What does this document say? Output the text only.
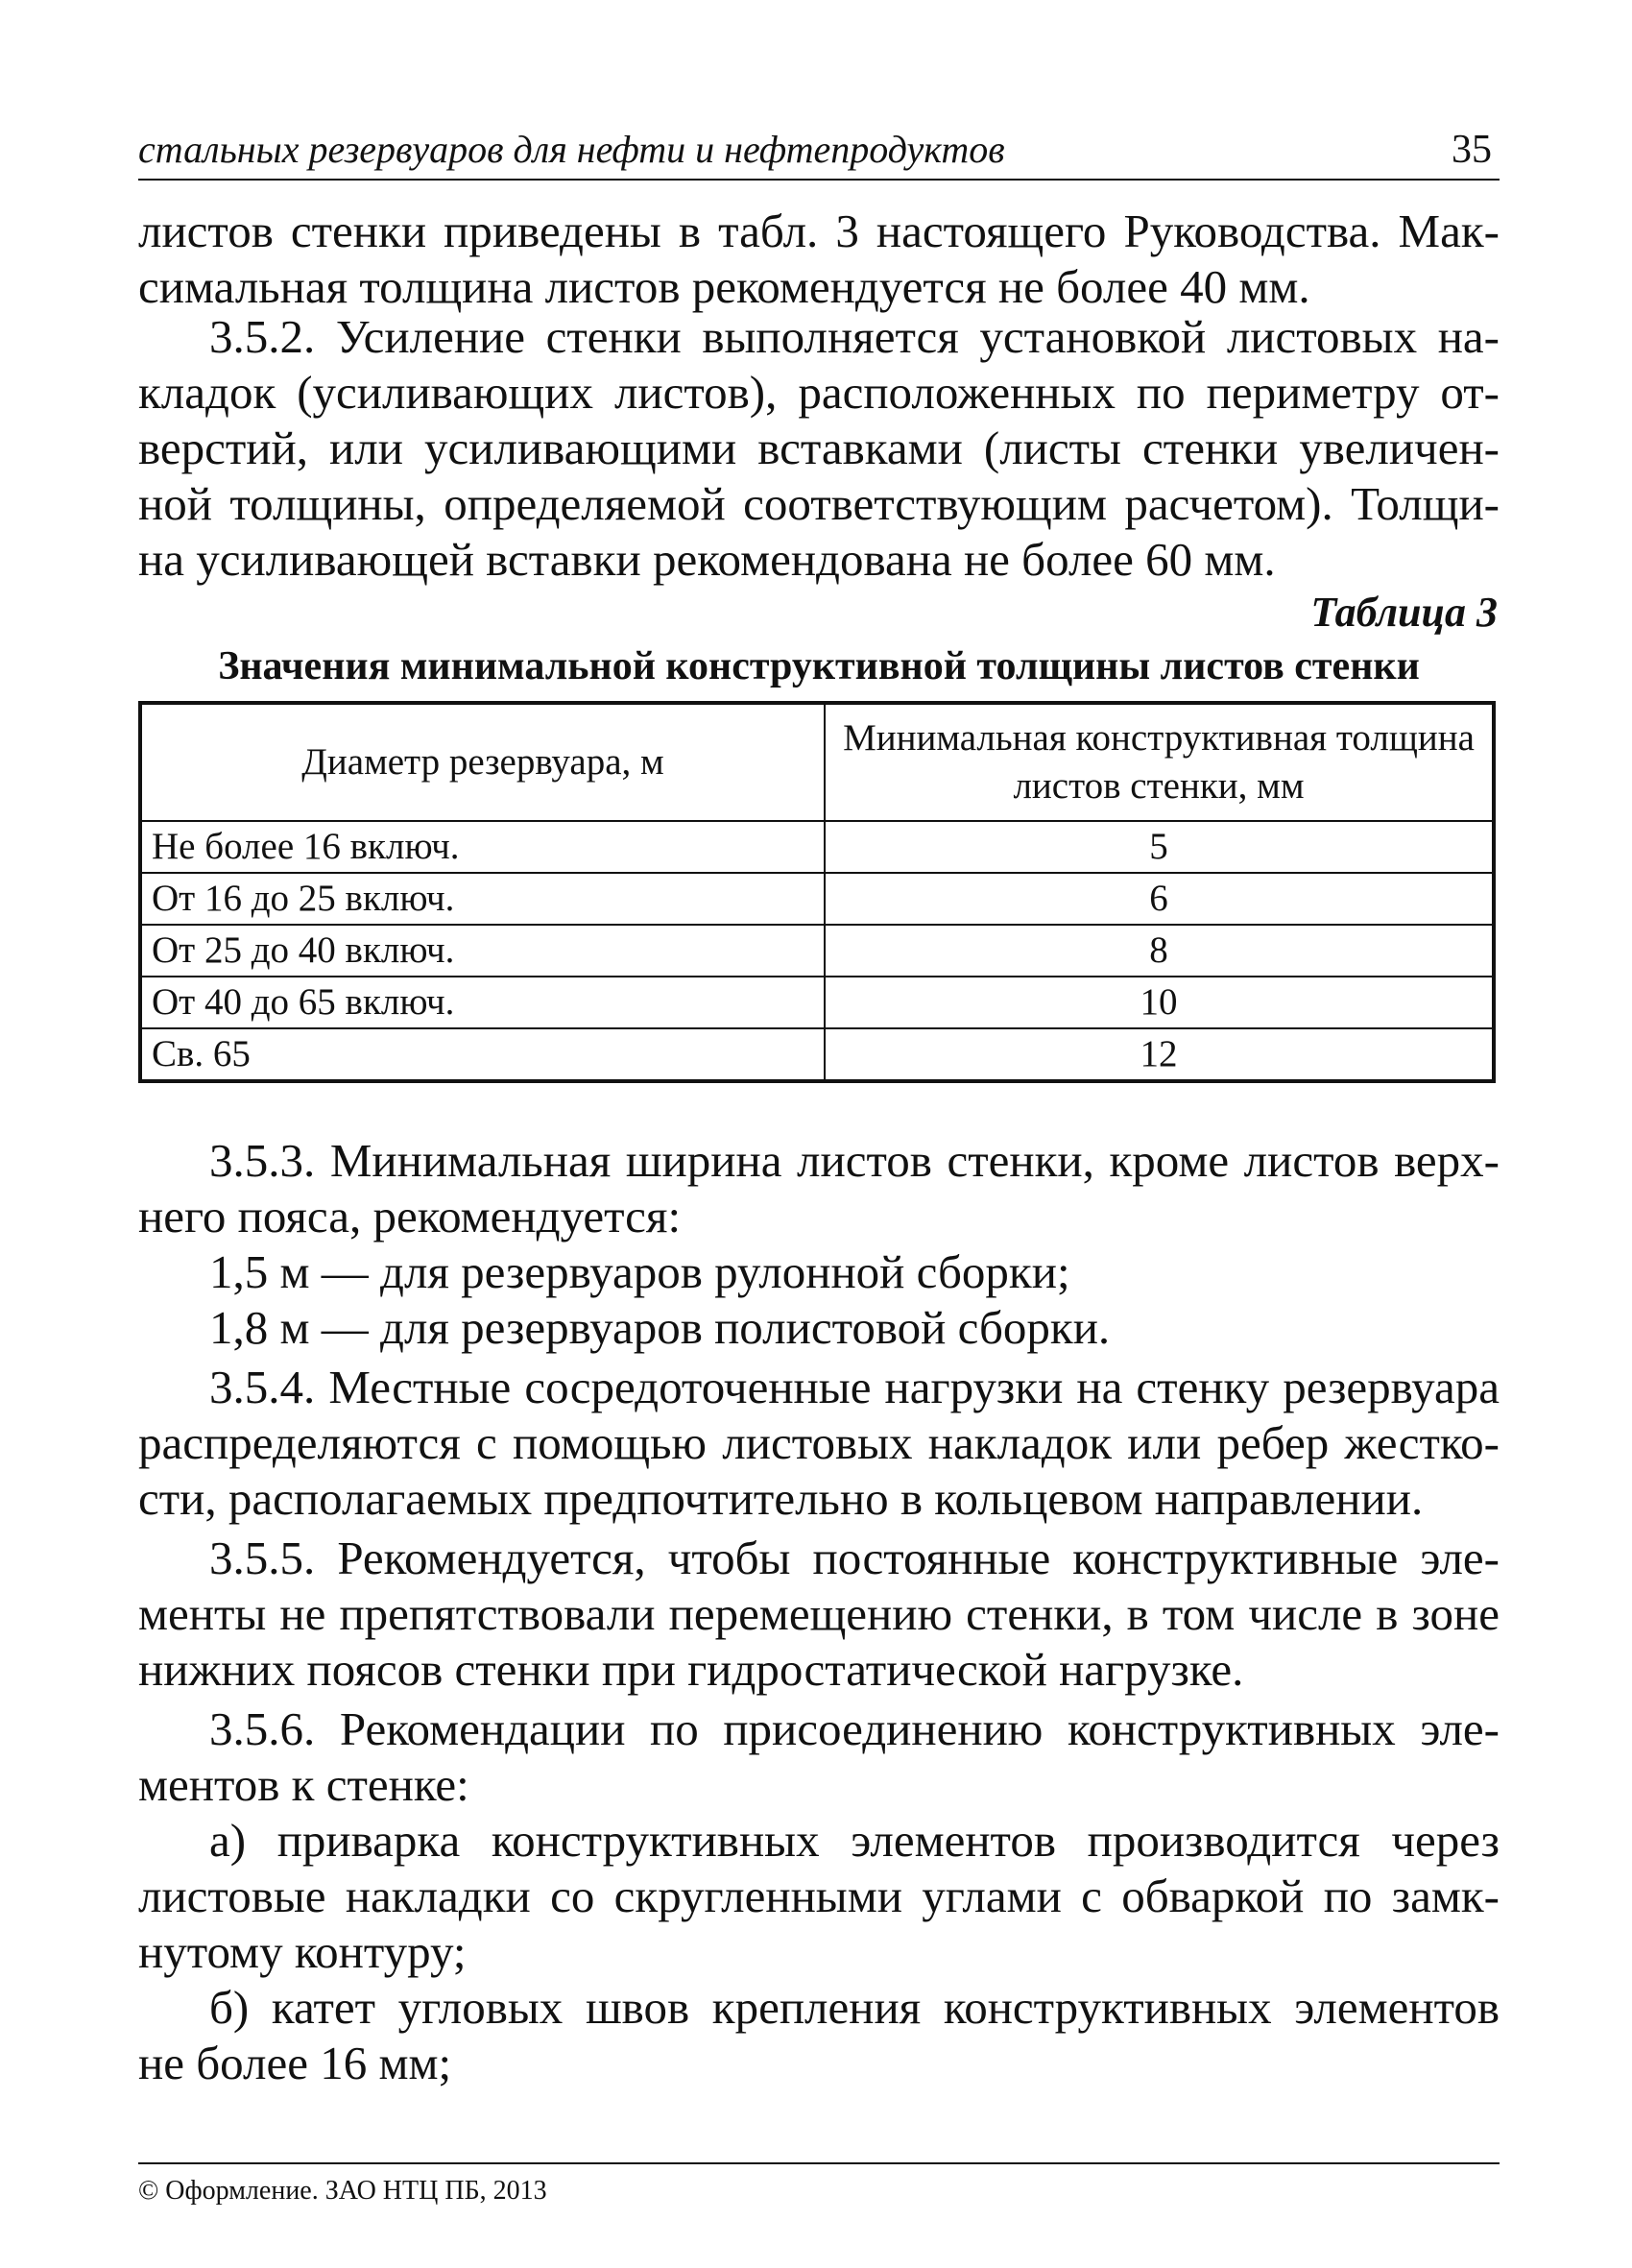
стальных резервуаров для нефти и нефтепродуктов	35
листов стенки приведены в табл. 3 настоящего Руководства. Мак-
симальная толщина листов рекомендуется не более 40 мм.
3.5.2. Усиление стенки выполняется установкой листовых на-
кладок (усиливающих листов), расположенных по периметру от-
верстий, или усиливающими вставками (листы стенки увеличен-
ной толщины, определяемой соответствующим расчетом). Толщи-
на усиливающей вставки рекомендована не более 60 мм.
Таблица 3
Значения минимальной конструктивной толщины листов стенки
Диаметр резервуара, м	Минимальная конструктивная толщина листов стенки, мм
Не более 16 включ.	5
От 16 до 25 включ.	6
От 25 до 40 включ.	8
От 40 до 65 включ.	10
Св. 65	12
3.5.3. Минимальная ширина листов стенки, кроме листов верх-
него пояса, рекомендуется:
1,5 м — для резервуаров рулонной сборки;
1,8 м — для резервуаров полистовой сборки.
3.5.4. Местные сосредоточенные нагрузки на стенку резервуара
распределяются с помощью листовых накладок или ребер жестко-
сти, располагаемых предпочтительно в кольцевом направлении.
3.5.5. Рекомендуется, чтобы постоянные конструктивные эле-
менты не препятствовали перемещению стенки, в том числе в зоне
нижних поясов стенки при гидростатической нагрузке.
3.5.6. Рекомендации по присоединению конструктивных эле-
ментов к стенке:
а) приварка конструктивных элементов производится через
листовые накладки со скругленными углами с обваркой по замк-
нутому контуру;
б) катет угловых швов крепления конструктивных элементов
не более 16 мм;
© Оформление. ЗАО НТЦ ПБ, 2013
